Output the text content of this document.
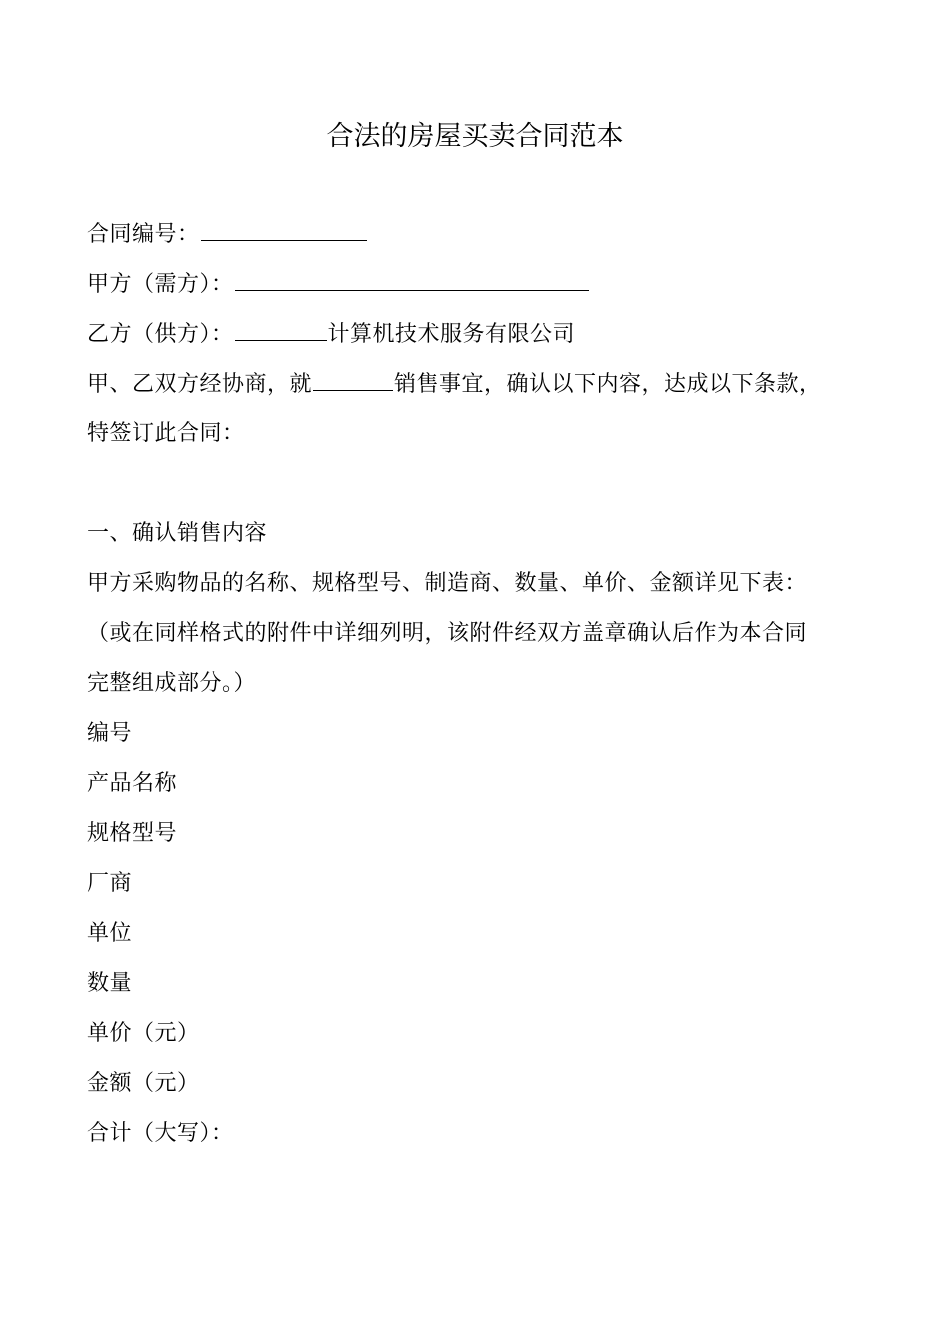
合法的房屋买卖合同范本
合同编号：
甲方（需方）：
乙方（供方）：	计算机技术服务有限公司
甲、乙双方经协商，就	销售事宜，确认以下内容，达成以下条款，
特签订此合同：
一、确认销售内容
甲方采购物品的名称、规格型号、制造商、数量、单价、金额详见下表：
（或在同样格式的附件中详细列明，该附件经双方盖章确认后作为本合同
完整组成部分。）
编号
产品名称
规格型号
厂商
单位
数量
单价（元）
金额（元）
合计（大写）：
